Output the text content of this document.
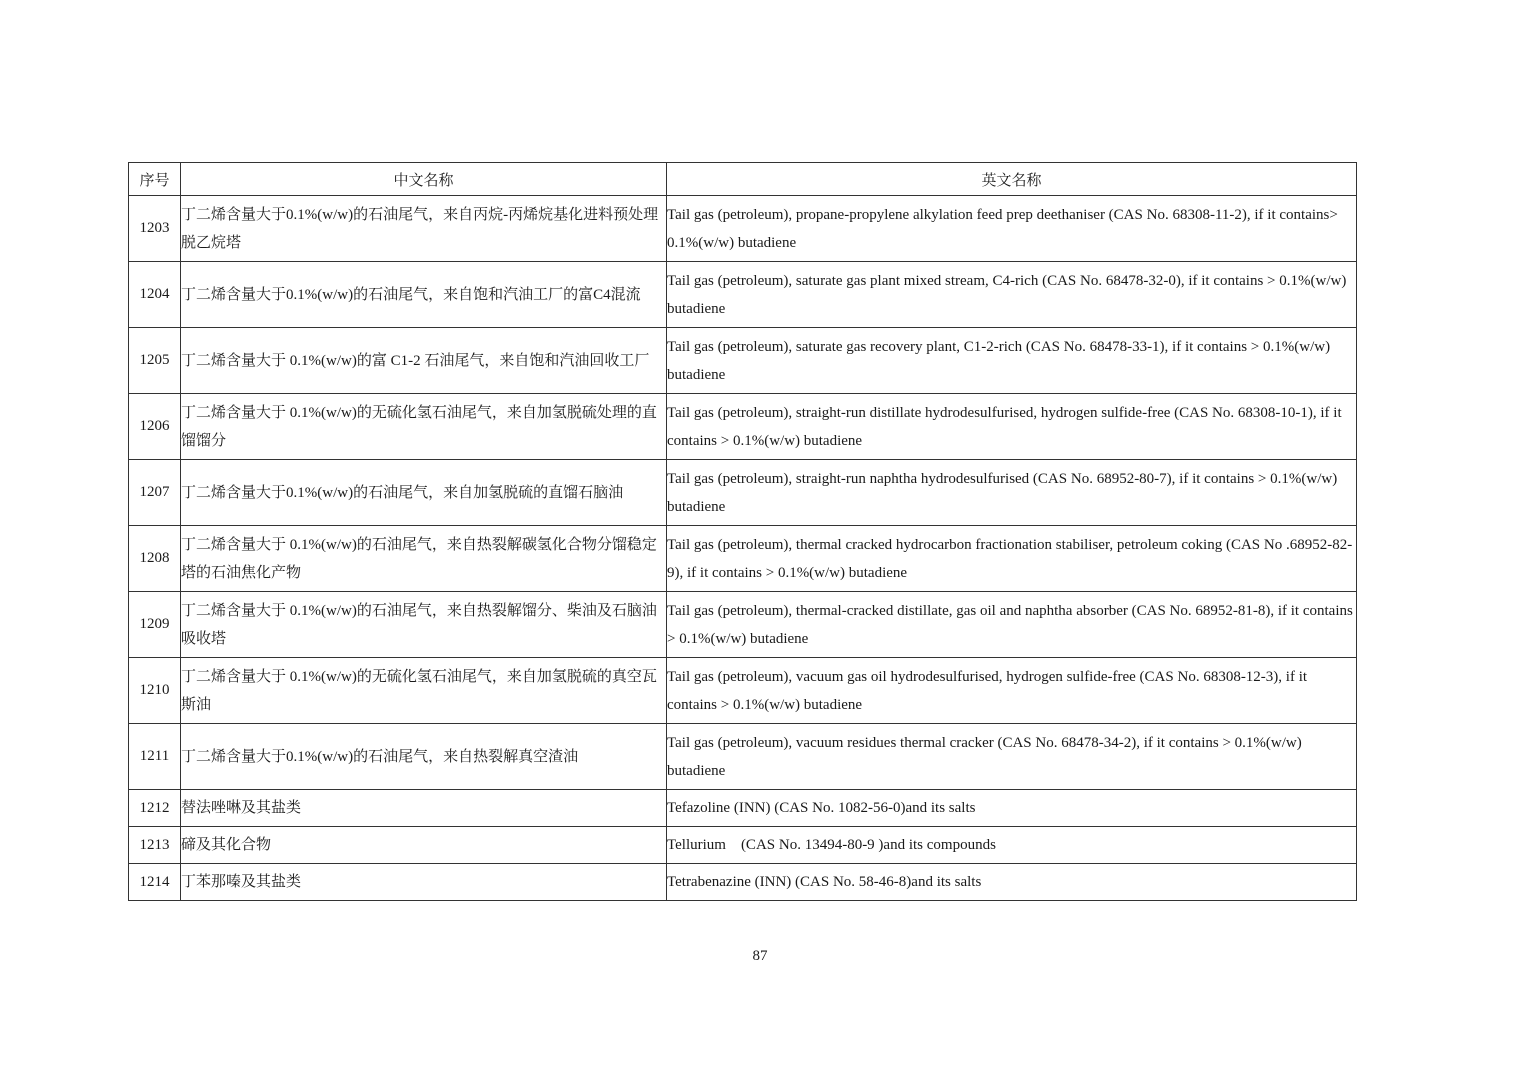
序号	中文名称	英文名称
1203	丁二烯含量大于0.1%(w/w)的石油尾气，来自丙烷-丙烯烷基化进料预处理脱乙烷塔	Tail gas (petroleum), propane-propylene alkylation feed prep deethaniser (CAS No. 68308-11-2), if it contains> 0.1%(w/w) butadiene
1204	丁二烯含量大于0.1%(w/w)的石油尾气，来自饱和汽油工厂的富C4混流	Tail gas (petroleum), saturate gas plant mixed stream, C4-rich (CAS No. 68478-32-0), if it contains > 0.1%(w/w) butadiene
1205	丁二烯含量大于 0.1%(w/w)的富 C1-2 石油尾气，来自饱和汽油回收工厂	Tail gas (petroleum), saturate gas recovery plant, C1-2-rich (CAS No. 68478-33-1), if it contains > 0.1%(w/w) butadiene
1206	丁二烯含量大于 0.1%(w/w)的无硫化氢石油尾气，来自加氢脱硫处理的直馏馏分	Tail gas (petroleum), straight-run distillate hydrodesulfurised, hydrogen sulfide-free (CAS No. 68308-10-1), if it contains > 0.1%(w/w) butadiene
1207	丁二烯含量大于0.1%(w/w)的石油尾气，来自加氢脱硫的直馏石脑油	Tail gas (petroleum), straight-run naphtha hydrodesulfurised (CAS No. 68952-80-7), if it contains > 0.1%(w/w) butadiene
1208	丁二烯含量大于 0.1%(w/w)的石油尾气，来自热裂解碳氢化合物分馏稳定塔的石油焦化产物	Tail gas (petroleum), thermal cracked hydrocarbon fractionation stabiliser, petroleum coking (CAS No .68952-82-9), if it contains > 0.1%(w/w) butadiene
1209	丁二烯含量大于 0.1%(w/w)的石油尾气，来自热裂解馏分、柴油及石脑油吸收塔	Tail gas (petroleum), thermal-cracked distillate, gas oil and naphtha absorber (CAS No. 68952-81-8), if it contains > 0.1%(w/w) butadiene
1210	丁二烯含量大于 0.1%(w/w)的无硫化氢石油尾气，来自加氢脱硫的真空瓦斯油	Tail gas (petroleum), vacuum gas oil hydrodesulfurised, hydrogen sulfide-free (CAS No. 68308-12-3), if it contains > 0.1%(w/w) butadiene
1211	丁二烯含量大于0.1%(w/w)的石油尾气，来自热裂解真空渣油	Tail gas (petroleum), vacuum residues thermal cracker (CAS No. 68478-34-2), if it contains > 0.1%(w/w) butadiene
1212	替法唑啉及其盐类	Tefazoline (INN) (CAS No. 1082-56-0)and its salts
1213	碲及其化合物	Tellurium　(CAS No. 13494-80-9 )and its compounds
1214	丁苯那嗪及其盐类	Tetrabenazine (INN) (CAS No. 58-46-8)and its salts
87
